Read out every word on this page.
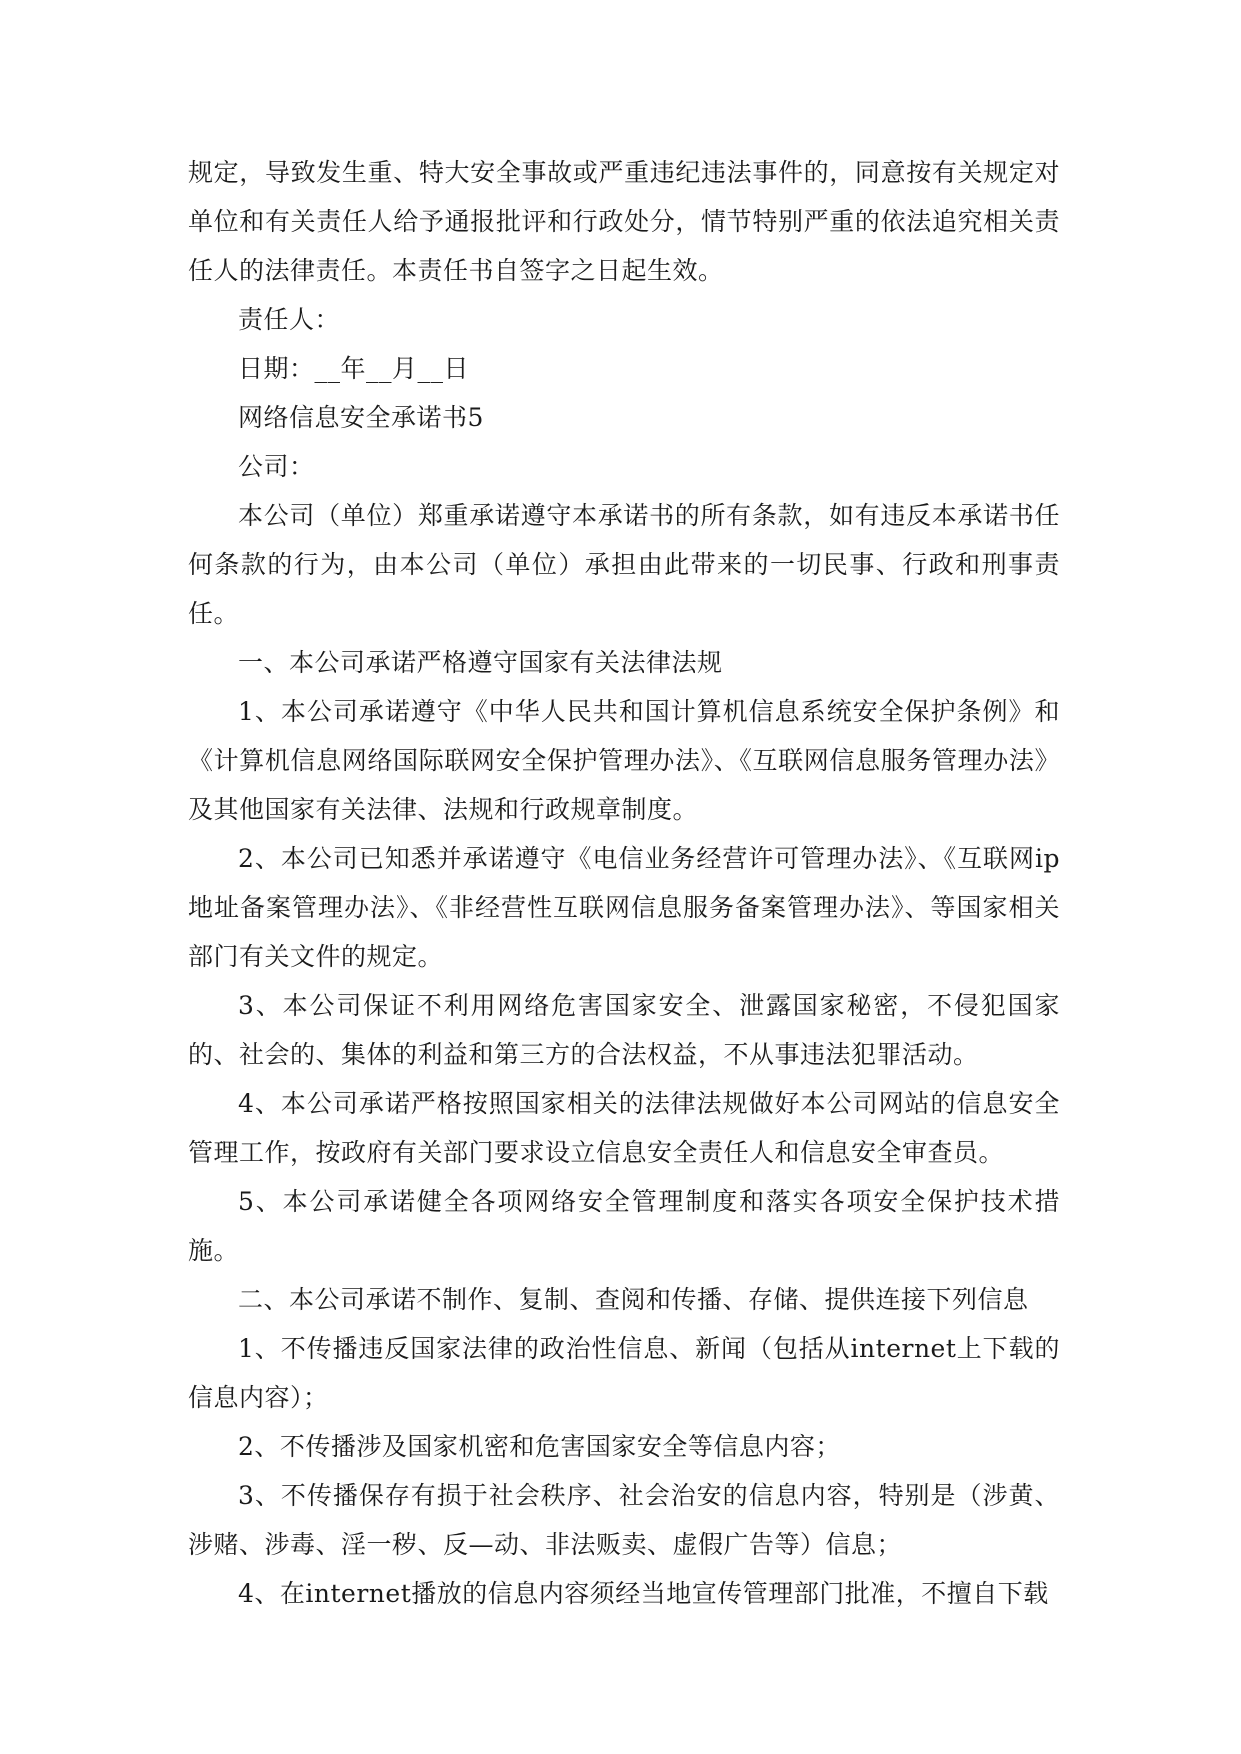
规定，导致发生重、特大安全事故或严重违纪违法事件的，同意按有关规定对单位和有关责任人给予通报批评和行政处分，情节特别严重的依法追究相关责任人的法律责任。本责任书自签字之日起生效。

责任人：

日期：__年__月__日

网络信息安全承诺书5

公司：

本公司（单位）郑重承诺遵守本承诺书的所有条款，如有违反本承诺书任何条款的行为，由本公司（单位）承担由此带来的一切民事、行政和刑事责任。

一、本公司承诺严格遵守国家有关法律法规

1、本公司承诺遵守《中华人民共和国计算机信息系统安全保护条例》和《计算机信息网络国际联网安全保护管理办法》、《互联网信息服务管理办法》及其他国家有关法律、法规和行政规章制度。

2、本公司已知悉并承诺遵守《电信业务经营许可管理办法》、《互联网ip地址备案管理办法》、《非经营性互联网信息服务备案管理办法》、等国家相关部门有关文件的规定。

3、本公司保证不利用网络危害国家安全、泄露国家秘密，不侵犯国家的、社会的、集体的利益和第三方的合法权益，不从事违法犯罪活动。

4、本公司承诺严格按照国家相关的法律法规做好本公司网站的信息安全管理工作，按政府有关部门要求设立信息安全责任人和信息安全审查员。

5、本公司承诺健全各项网络安全管理制度和落实各项安全保护技术措施。

二、本公司承诺不制作、复制、查阅和传播、存储、提供连接下列信息

1、不传播违反国家法律的政治性信息、新闻（包括从internet上下载的信息内容）；

2、不传播涉及国家机密和危害国家安全等信息内容；

3、不传播保存有损于社会秩序、社会治安的信息内容，特别是（涉黄、涉赌、涉毒、淫一秽、反—动、非法贩卖、虚假广告等）信息；

4、在internet播放的信息内容须经当地宣传管理部门批准，不擅自下载
